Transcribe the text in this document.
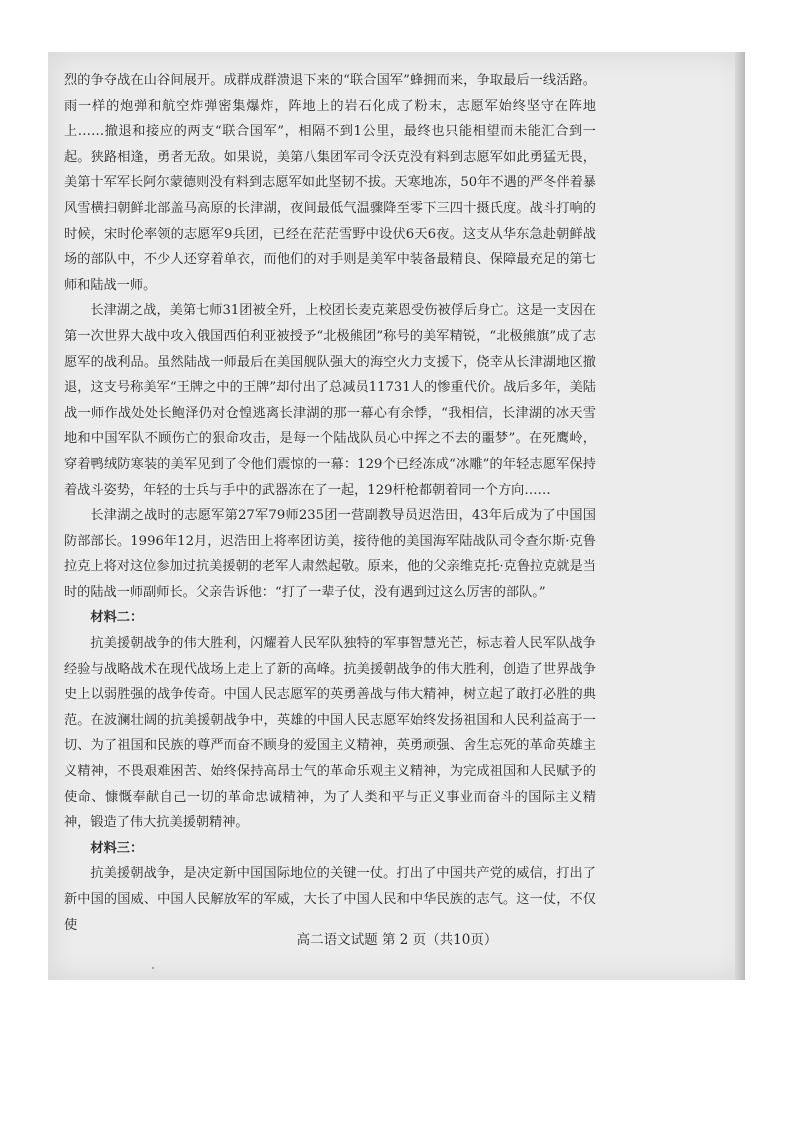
烈的争夺战在山谷间展开。成群成群溃退下来的“联合国军”蜂拥而来，争取最后一线活路。雨一样的炮弹和航空炸弹密集爆炸，阵地上的岩石化成了粉末，志愿军始终坚守在阵地上……撤退和接应的两支“联合国军”，相隔不到1公里，最终也只能相望而未能汇合到一起。狭路相逢，勇者无敌。如果说，美第八集团军司令沃克没有料到志愿军如此勇猛无畏，美第十军军长阿尔蒙德则没有料到志愿军如此坚韧不拔。天寒地冻，50年不遇的严冬伴着暴风雪横扫朝鲜北部盖马高原的长津湖，夜间最低气温骤降至零下三四十摄氏度。战斗打响的时候，宋时伦率领的志愿军9兵团，已经在茫茫雪野中设伏6天6夜。这支从华东急赴朝鲜战场的部队中，不少人还穿着单衣，而他们的对手则是美军中装备最精良、保障最充足的第七师和陆战一师。

长津湖之战，美第七师31团被全歼，上校团长麦克莱恩受伤被俘后身亡。这是一支因在第一次世界大战中攻入俄国西伯利亚被授予“北极熊团”称号的美军精锐，“北极熊旗”成了志愿军的战利品。虽然陆战一师最后在美国舰队强大的海空火力支援下，侥幸从长津湖地区撤退，这支号称美军“王牌之中的王牌”却付出了总减员11731人的惨重代价。战后多年，美陆战一师作战处处长鲍泽仍对仓惶逃离长津湖的那一幕心有余悸，“我相信，长津湖的冰天雪地和中国军队不顾伤亡的狠命攻击，是每一个陆战队员心中挥之不去的噩梦”。在死鹰岭，穿着鸭绒防寒装的美军见到了令他们震惊的一幕：129个已经冻成“冰雕”的年轻志愿军保持着战斗姿势，年轻的士兵与手中的武器冻在了一起，129杆枪都朝着同一个方向……

长津湖之战时的志愿军第27军79师235团一营副教导员迟浩田，43年后成为了中国国防部部长。1996年12月，迟浩田上将率团访美，接待他的美国海军陆战队司令查尔斯·克鲁拉克上将对这位参加过抗美援朝的老军人肃然起敬。原来，他的父亲维克托·克鲁拉克就是当时的陆战一师副师长。父亲告诉他：“打了一辈子仗，没有遇到过这么厉害的部队。”

材料二：

抗美援朝战争的伟大胜利，闪耀着人民军队独特的军事智慧光芒，标志着人民军队战争经验与战略战术在现代战场上走上了新的高峰。抗美援朝战争的伟大胜利，创造了世界战争史上以弱胜强的战争传奇。中国人民志愿军的英勇善战与伟大精神，树立起了敢打必胜的典范。在波澜壮阔的抗美援朝战争中，英雄的中国人民志愿军始终发扬祖国和人民利益高于一切、为了祖国和民族的尊严而奋不顾身的爱国主义精神，英勇顽强、舍生忘死的革命英雄主义精神，不畏艰难困苦、始终保持高昂士气的革命乐观主义精神，为完成祖国和人民赋予的使命、慷慨奉献自己一切的革命忠诚精神，为了人类和平与正义事业而奋斗的国际主义精神，锻造了伟大抗美援朝精神。

材料三：

抗美援朝战争，是决定新中国国际地位的关键一仗。打出了中国共产党的威信，打出了新中国的国威、中国人民解放军的军威，大长了中国人民和中华民族的志气。这一仗，不仅使

高二语文试题 第 2 页（共10页）
